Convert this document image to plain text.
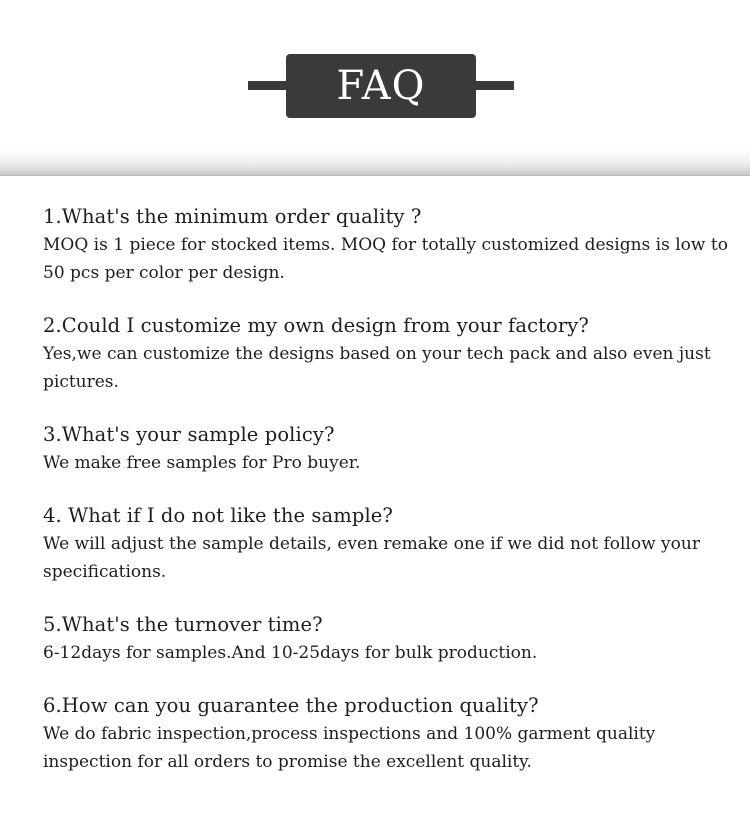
FAQ
1.What's the minimum order quality ?
MOQ is 1 piece for stocked items. MOQ for totally customized designs is low to 50 pcs per color per design.
2.Could I customize my own design from your factory?
Yes,we can customize the designs based on your tech pack and also even just pictures.
3.What's your sample policy?
We make free samples for Pro buyer.
4. What if I do not like the sample?
We will adjust the sample details, even remake one if we did not follow your specifications.
5.What's the turnover time?
6-12days for samples.And 10-25days for bulk production.
6.How can you guarantee the production quality?
We do fabric inspection,process inspections and 100% garment quality inspection for all orders to promise the excellent quality.
